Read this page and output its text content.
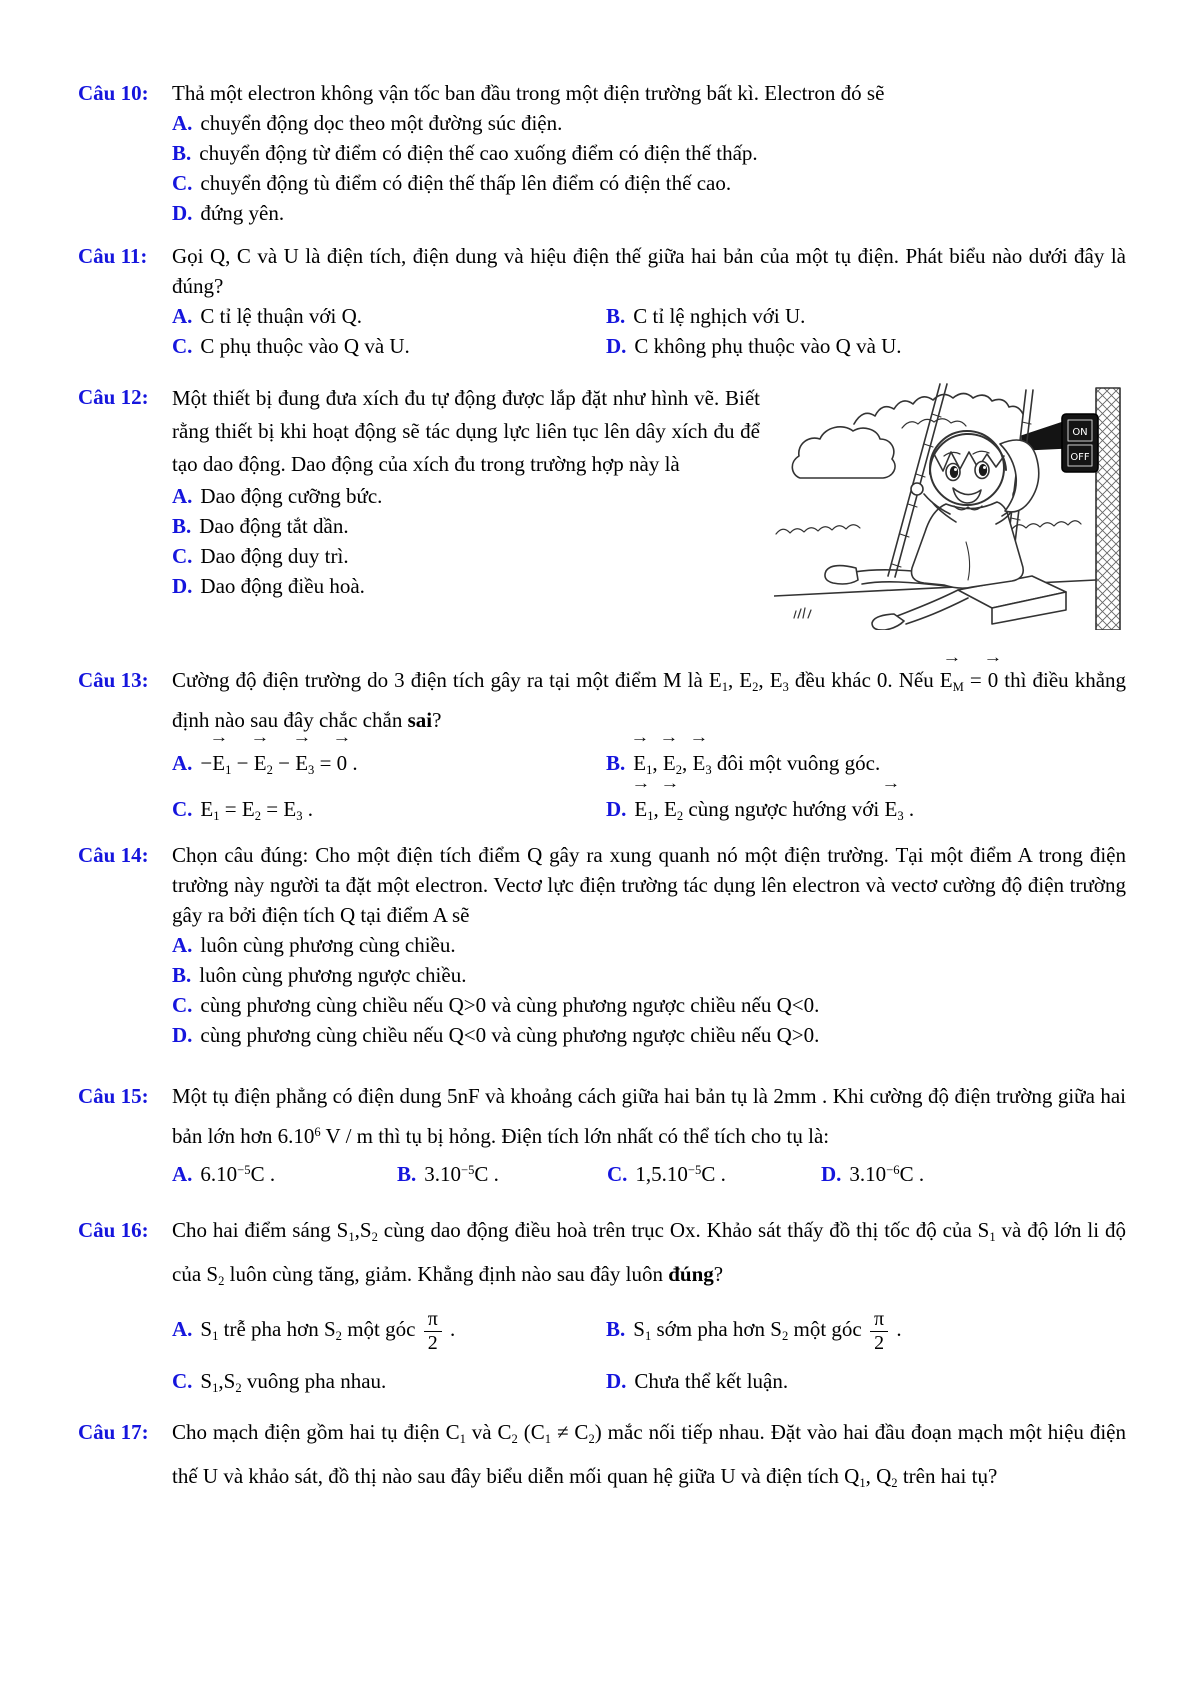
Câu 10:	Thả một electron không vận tốc ban đầu trong một điện trường bất kì. Electron đó sẽ

A. chuyển động dọc theo một đường súc điện.
B. chuyển động từ điểm có điện thế cao xuống điểm có điện thế thấp.
C. chuyển động tù điểm có điện thế thấp lên điểm có điện thế cao.
D. đứng yên.
Câu 11:	Gọi Q, C và U là điện tích, điện dung và hiệu điện thế giữa hai bản của một tụ điện. Phát biểu nào dưới đây là đúng?

A. C tỉ lệ thuận với Q.	B. C tỉ lệ nghịch với U.
C. C phụ thuộc vào Q và U.	D. C không phụ thuộc vào Q và U.
Câu 12:
ON
OFF

Một thiết bị đung đưa xích đu tự động được lắp đặt như hình vẽ. Biết rằng thiết bị khi hoạt động sẽ tác dụng lực liên tục lên dây xích đu để tạo dao động. Dao động của xích đu trong trường hợp này là

A. Dao động cưỡng bức.
B. Dao động tắt dần.
C. Dao động duy trì.
D. Dao động điều hoà.
Câu 13:	Cường độ điện trường do 3 điện tích gây ra tại một điểm M là $E_1$, $E_2$, $E_3$ đều khác 0. Nếu → $E_M$ = → 0 thì điều khẳng định nào sau đây chắc chắn sai?

A. −→ $E_1$ − → $E_2$ − → $E_3$ = → 0 .	B. → $E_1$, → $E_2$, → $E_3$ đôi một vuông góc.
C. $E_1 = E_2 = E_3$ .	D. → $E_1$, → $E_2$ cùng ngược hướng với → $E_3$ .
Câu 14:	Chọn câu đúng: Cho một điện tích điểm Q gây ra xung quanh nó một điện trường. Tại một điểm A trong điện trường này người ta đặt một electron. Vectơ lực điện trường tác dụng lên electron và vectơ cường độ điện trường gây ra bởi điện tích Q tại điểm A sẽ

A. luôn cùng phương cùng chiều.
B. luôn cùng phương ngược chiều.
C. cùng phương cùng chiều nếu Q>0 và cùng phương ngược chiều nếu Q<0.
D. cùng phương cùng chiều nếu Q<0 và cùng phương ngược chiều nếu Q>0.
Câu 15:	Một tụ điện phẳng có điện dung 5nF và khoảng cách giữa hai bản tụ là 2mm . Khi cường độ điện trường giữa hai bản lớn hơn 6.10$^6$ V / m thì tụ bị hỏng. Điện tích lớn nhất có thể tích cho tụ là:

A. $6.10^{-5}C$ .	B. $3.10^{-5}C$ .	C. $1,5.10^{-5}C$ .	D. $3.10^{-6}C$ .
Câu 16:	Cho hai điểm sáng $S_1,S_2$ cùng dao động điều hoà trên trục Ox. Khảo sát thấy đồ thị tốc độ của $S_1$ và độ lớn li độ của $S_2$ luôn cùng tăng, giảm. Khẳng định nào sau đây luôn đúng?

A. $S_1$ trễ pha hơn $S_2$ một góc $\frac{\pi}{2}$ .	B. $S_1$ sớm pha hơn $S_2$ một góc $\frac{\pi}{2}$ .
C. $S_1,S_2$ vuông pha nhau.	D. Chưa thể kết luận.
Câu 17:	Cho mạch điện gồm hai tụ điện $C_1$ và $C_2$ $(C_1 \ne C_2)$ mắc nối tiếp nhau. Đặt vào hai đầu đoạn mạch một hiệu điện thế U và khảo sát, đồ thị nào sau đây biểu diễn mối quan hệ giữa U và điện tích $Q_1$, $Q_2$ trên hai tụ?
